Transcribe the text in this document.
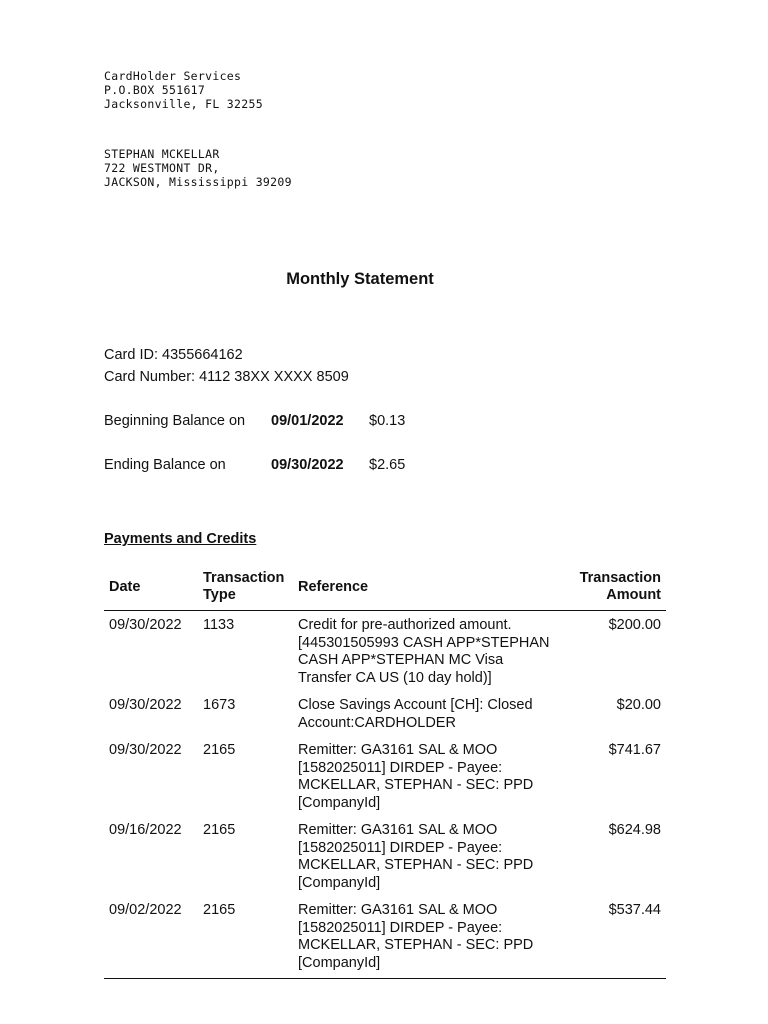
CardHolder Services
P.O.BOX 551617
Jacksonville, FL 32255
STEPHAN MCKELLAR
722 WESTMONT DR,
JACKSON, Mississippi 39209
Monthly Statement
Card ID: 4355664162
Card Number: 4112 38XX XXXX 8509
Beginning Balance on	09/01/2022	$0.13
Ending Balance on	09/30/2022	$2.65
Payments and Credits
Date	Transaction Type	Reference	Transaction Amount
09/30/2022	1133	Credit for pre-authorized amount. [445301505993 CASH APP*STEPHAN CASH APP*STEPHAN MC Visa Transfer CA US (10 day hold)]	$200.00
09/30/2022	1673	Close Savings Account [CH]: Closed Account:CARDHOLDER	$20.00
09/30/2022	2165	Remitter: GA3161 SAL & MOO [1582025011] DIRDEP - Payee: MCKELLAR, STEPHAN - SEC: PPD [CompanyId]	$741.67
09/16/2022	2165	Remitter: GA3161 SAL & MOO [1582025011] DIRDEP - Payee: MCKELLAR, STEPHAN - SEC: PPD [CompanyId]	$624.98
09/02/2022	2165	Remitter: GA3161 SAL & MOO [1582025011] DIRDEP - Payee: MCKELLAR, STEPHAN - SEC: PPD [CompanyId]	$537.44
